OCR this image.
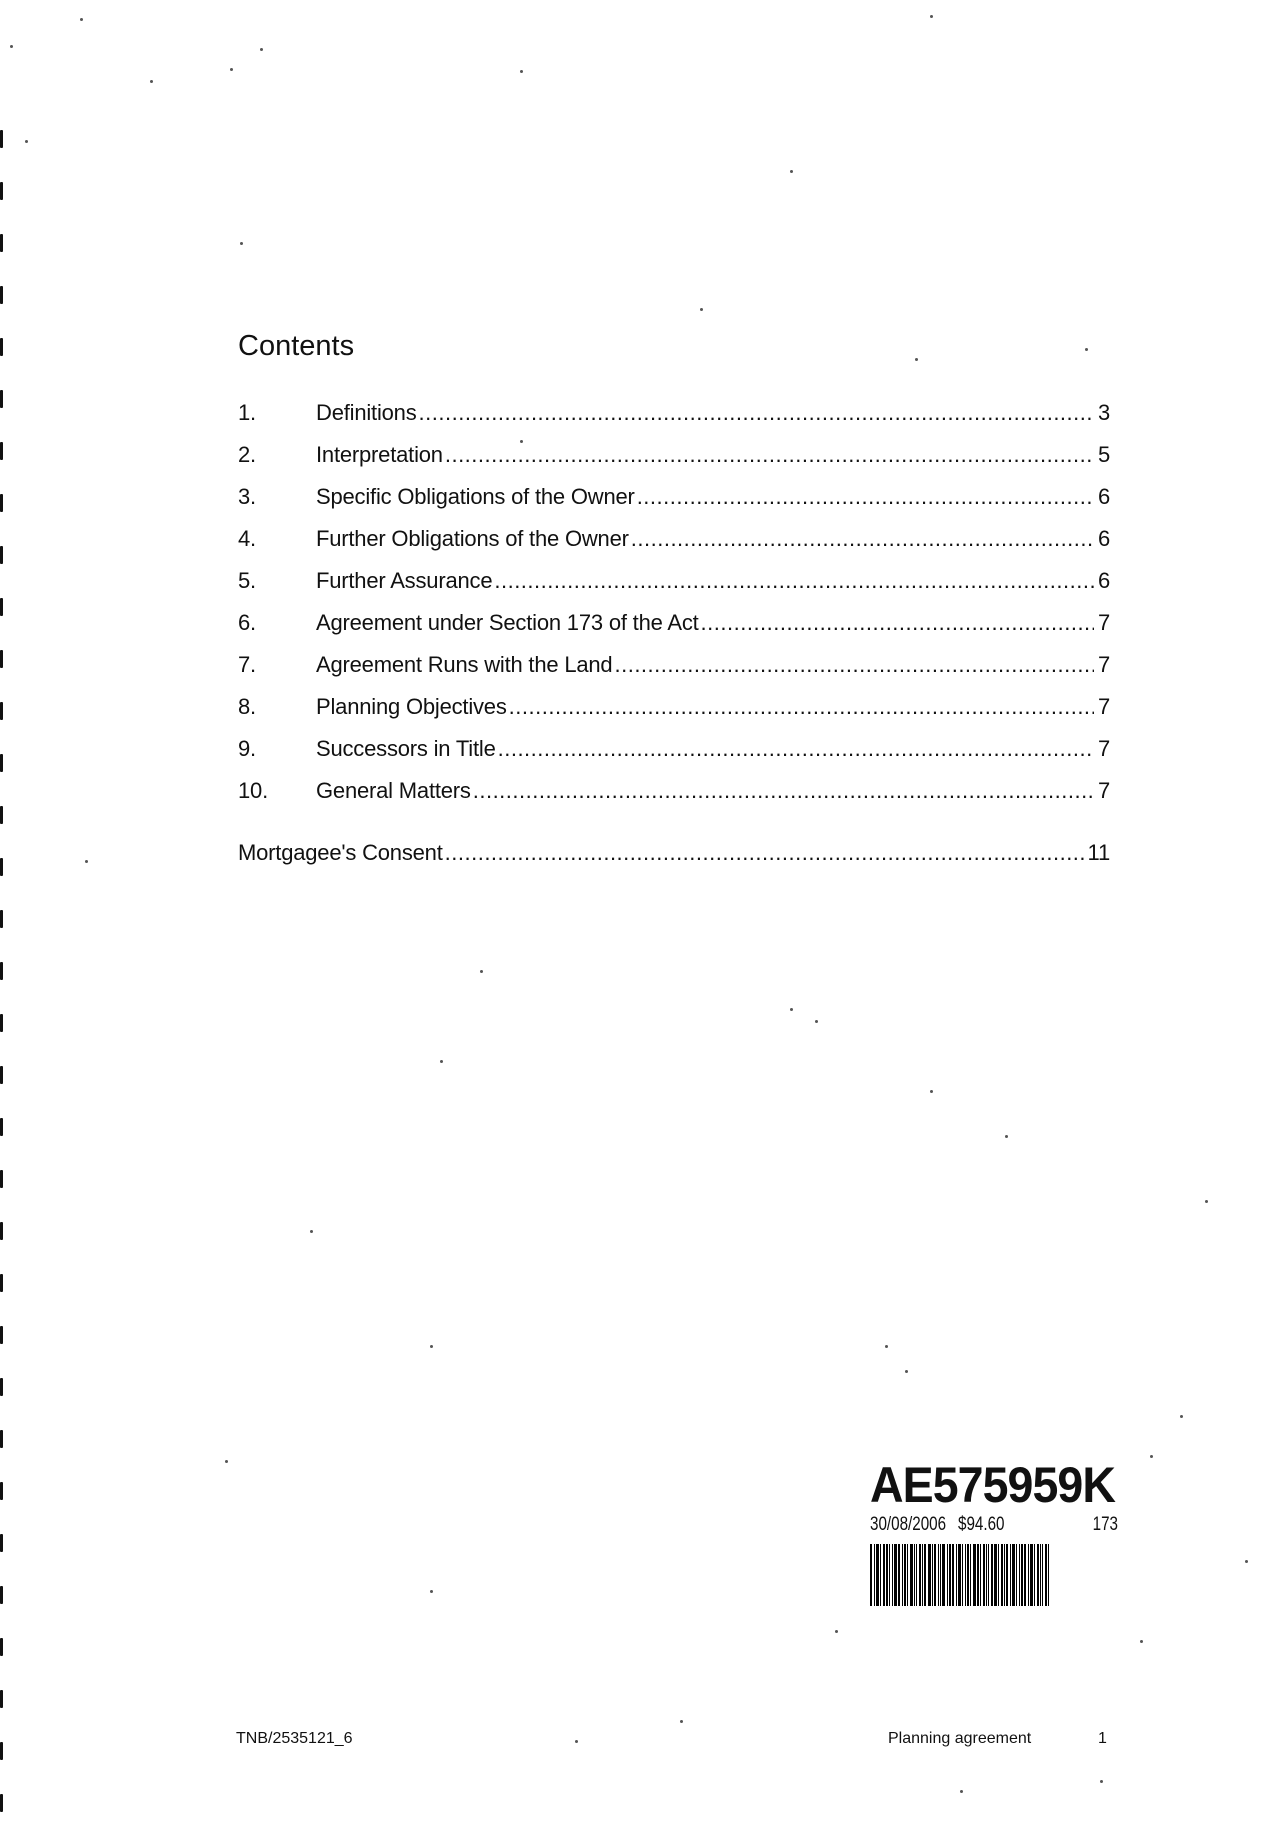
Contents
1.	Definitions .....	3
2.	Interpretation .....	5
3.	Specific Obligations of the Owner .....	6
4.	Further Obligations of the Owner .....	6
5.	Further Assurance .....	6
6.	Agreement under Section 173 of the Act .....	7
7.	Agreement Runs with the Land .....	7
8.	Planning Objectives .....	7
9.	Successors in Title .....	7
10.	General Matters .....	7
Mortgagee's Consent .....	11
AE575959K
30/08/2006 $94.60	173
TNB/2535121_6	Planning agreement	1
